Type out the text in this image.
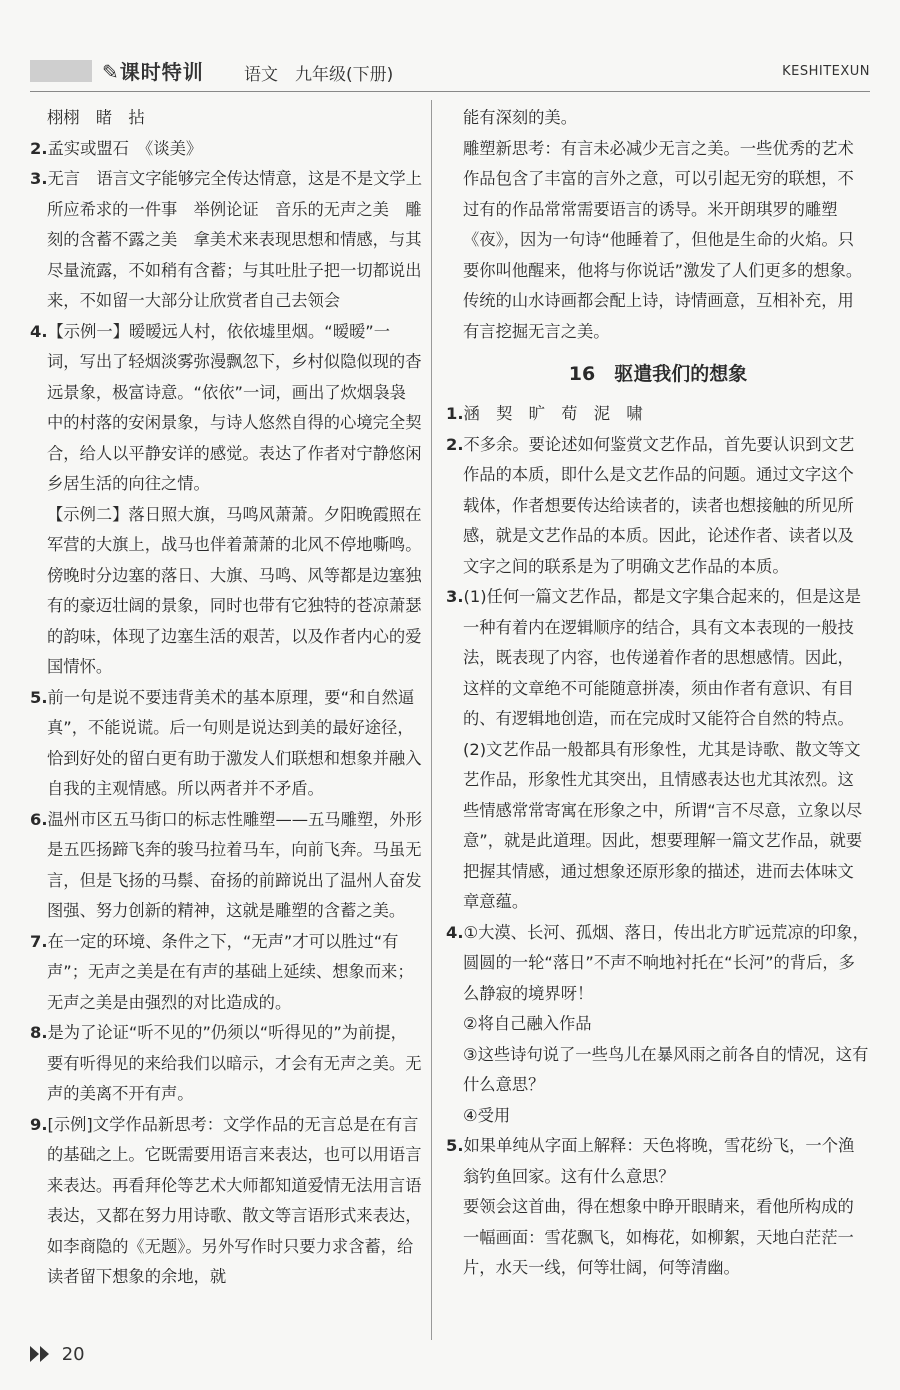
✎课时特训 语文　九年级(下册)	KESHITEXUN

栩栩　睹　拈

2.孟实或盟石　《谈美》

3.无言　语言文字能够完全传达情意，这是不是文学上所应希求的一件事　举例论证　音乐的无声之美　雕刻的含蓄不露之美　拿美术来表现思想和情感，与其尽量流露，不如稍有含蓄；与其吐肚子把一切都说出来，不如留一大部分让欣赏者自己去领会

4.【示例一】暧暧远人村，依依墟里烟。“暧暧”一词，写出了轻烟淡雾弥漫飘忽下，乡村似隐似现的杳远景象，极富诗意。“依依”一词，画出了炊烟袅袅中的村落的安闲景象，与诗人悠然自得的心境完全契合，给人以平静安详的感觉。表达了作者对宁静悠闲乡居生活的向往之情。

【示例二】落日照大旗，马鸣风萧萧。夕阳晚霞照在军营的大旗上，战马也伴着萧萧的北风不停地嘶鸣。傍晚时分边塞的落日、大旗、马鸣、风等都是边塞独有的豪迈壮阔的景象，同时也带有它独特的苍凉萧瑟的韵味，体现了边塞生活的艰苦，以及作者内心的爱国情怀。

5.前一句是说不要违背美术的基本原理，要“和自然逼真”，不能说谎。后一句则是说达到美的最好途径，恰到好处的留白更有助于激发人们联想和想象并融入自我的主观情感。所以两者并不矛盾。

6.温州市区五马街口的标志性雕塑——五马雕塑，外形是五匹扬蹄飞奔的骏马拉着马车，向前飞奔。马虽无言，但是飞扬的马鬃、奋扬的前蹄说出了温州人奋发图强、努力创新的精神，这就是雕塑的含蓄之美。

7.在一定的环境、条件之下，“无声”才可以胜过“有声”；无声之美是在有声的基础上延续、想象而来；无声之美是由强烈的对比造成的。

8.是为了论证“听不见的”仍须以“听得见的”为前提，要有听得见的来给我们以暗示，才会有无声之美。无声的美离不开有声。

9.[示例]文学作品新思考：文学作品的无言总是在有言的基础之上。它既需要用语言来表达，也可以用语言来表达。再看拜伦等艺术大师都知道爱情无法用言语表达，又都在努力用诗歌、散文等言语形式来表达，如李商隐的《无题》。另外写作时只要力求含蓄，给读者留下想象的余地，就

能有深刻的美。

雕塑新思考：有言未必减少无言之美。一些优秀的艺术作品包含了丰富的言外之意，可以引起无穷的联想，不过有的作品常常需要语言的诱导。米开朗琪罗的雕塑《夜》，因为一句诗“他睡着了，但他是生命的火焰。只要你叫他醒来，他将与你说话”激发了人们更多的想象。传统的山水诗画都会配上诗，诗情画意，互相补充，用有言挖掘无言之美。

16　驱遣我们的想象

1.涵　契　旷　荀　泥　啸

2.不多余。要论述如何鉴赏文艺作品，首先要认识到文艺作品的本质，即什么是文艺作品的问题。通过文字这个载体，作者想要传达给读者的，读者也想接触的所见所感，就是文艺作品的本质。因此，论述作者、读者以及文字之间的联系是为了明确文艺作品的本质。

3.(1)任何一篇文艺作品，都是文字集合起来的，但是这是一种有着内在逻辑顺序的结合，具有文本表现的一般技法，既表现了内容，也传递着作者的思想感情。因此，这样的文章绝不可能随意拼凑，须由作者有意识、有目的、有逻辑地创造，而在完成时又能符合自然的特点。

(2)文艺作品一般都具有形象性，尤其是诗歌、散文等文艺作品，形象性尤其突出，且情感表达也尤其浓烈。这些情感常常寄寓在形象之中，所谓“言不尽意，立象以尽意”，就是此道理。因此，想要理解一篇文艺作品，就要把握其情感，通过想象还原形象的描述，进而去体味文章意蕴。

4.①大漠、长河、孤烟、落日，传出北方旷远荒凉的印象，圆圆的一轮“落日”不声不响地衬托在“长河”的背后，多么静寂的境界呀！

②将自己融入作品

③这些诗句说了一些鸟儿在暴风雨之前各自的情况，这有什么意思？

④受用

5.如果单纯从字面上解释：天色将晚，雪花纷飞，一个渔翁钓鱼回家。这有什么意思？

要领会这首曲，得在想象中睁开眼睛来，看他所构成的一幅画面：雪花飘飞，如梅花，如柳絮，天地白茫茫一片，水天一线，何等壮阔，何等清幽。

20
